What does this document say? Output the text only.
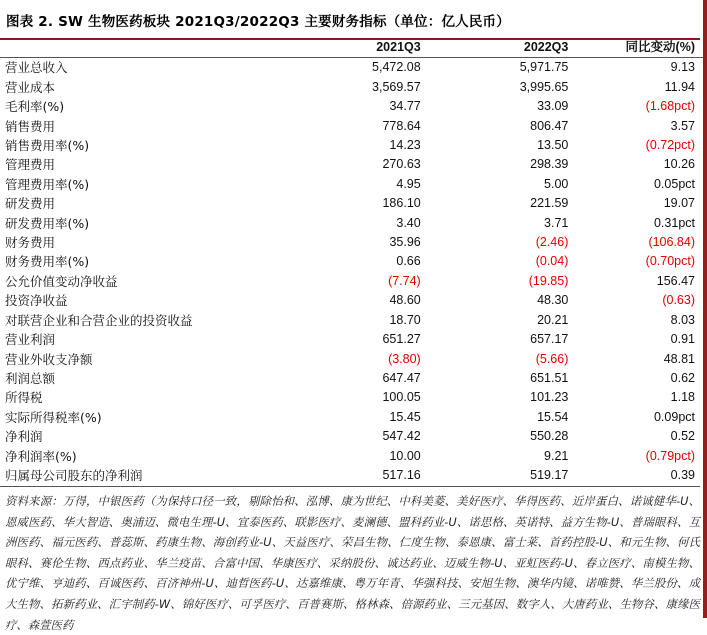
图表 2. SW 生物医药板块 2021Q3/2022Q3 主要财务指标（单位：亿人民币）
	2021Q3	2022Q3	同比变动(%)
营业总收入	5,472.08	5,971.75	9.13
营业成本	3,569.57	3,995.65	11.94
毛利率(%)	34.77	33.09	(1.68pct)
销售费用	778.64	806.47	3.57
销售费用率(%)	14.23	13.50	(0.72pct)
管理费用	270.63	298.39	10.26
管理费用率(%)	4.95	5.00	0.05pct
研发费用	186.10	221.59	19.07
研发费用率(%)	3.40	3.71	0.31pct
财务费用	35.96	(2.46)	(106.84)
财务费用率(%)	0.66	(0.04)	(0.70pct)
公允价值变动净收益	(7.74)	(19.85)	156.47
投资净收益	48.60	48.30	(0.63)
对联营企业和合营企业的投资收益	18.70	20.21	8.03
营业利润	651.27	657.17	0.91
营业外收支净额	(3.80)	(5.66)	48.81
利润总额	647.47	651.51	0.62
所得税	100.05	101.23	1.18
实际所得税率(%)	15.45	15.54	0.09pct
净利润	547.42	550.28	0.52
净利润率(%)	10.00	9.21	(0.79pct)
归属母公司股东的净利润	517.16	519.17	0.39
资料来源：万得，中银医药（为保持口径一致，剔除怡和、泓博、康为世纪、中科美菱、美好医疗、华得医药、近岸蛋白、诺诚健华-U、恩威医药、华大智造、奥浦迈、微电生理-U、宜泰医药、联影医疗、麦澜德、盟科药业-U、诺思格、英诺特、益方生物-U、普瑞眼科、互洲医药、福元医药、普蕊斯、药康生物、海创药业-U、天益医疗、荣昌生物、仁度生物、泰恩康、富士莱、首药控股-U、和元生物、何氏眼科、赛伦生物、西点药业、华兰疫苗、合富中国、华康医疗、采纳股份、诚达药业、迈威生物-U、亚虹医药-U、春立医疗、南模生物、优宁维、亨迪药、百诚医药、百济神州-U、迪哲医药-U、达嘉维康、粤万年青、华强科技、安旭生物、澳华内镜、诺唯赞、华兰股份、成大生物、拓新药业、汇宇制药-W、锦好医疗、可孚医疗、百普赛斯、格林森、倍源药业、三元基因、数字人、大唐药业、生物谷、康缘医疗、森萱医药
